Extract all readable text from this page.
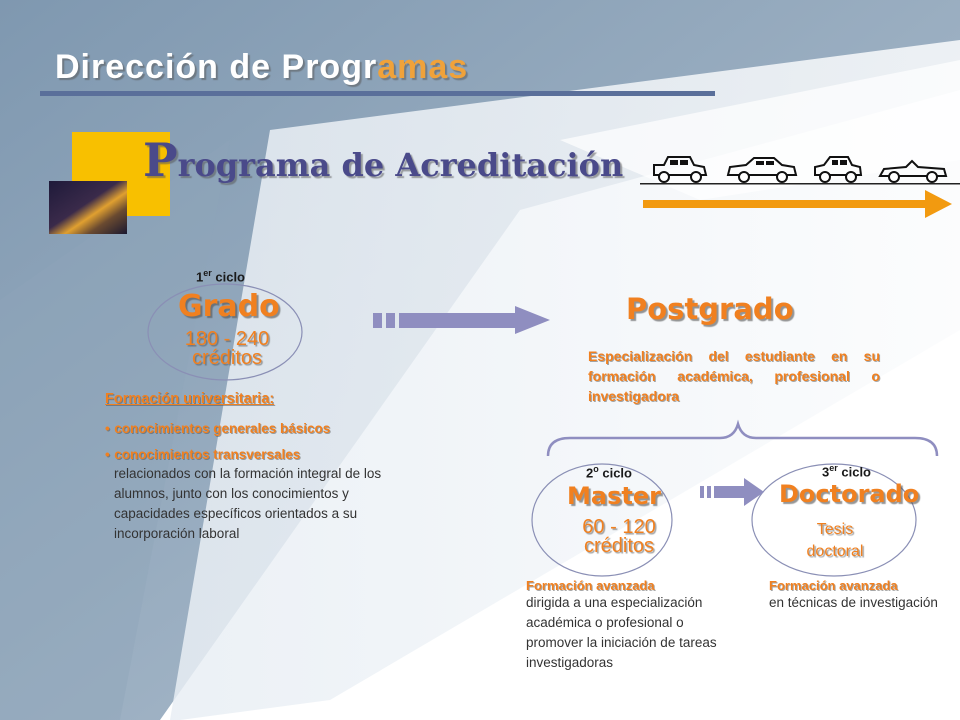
Dirección de Programas
Programa de Acreditación
1er ciclo
Grado
180 - 240
créditos
Formación universitaria:
• conocimientos generales básicos
• conocimientos transversales
relacionados con la formación integral de los alumnos, junto con los conocimientos y capacidades específicos orientados a su incorporación laboral
Postgrado
Especialización del estudiante en su formación académica, profesional o investigadora
2$^o$ ciclo
Master
60 - 120
créditos
Formación avanzada
dirigida a una especialización académica o profesional o promover la iniciación de tareas investigadoras
3er ciclo
Doctorado
Tesis
doctoral
Formación avanzada
en técnicas de investigación
